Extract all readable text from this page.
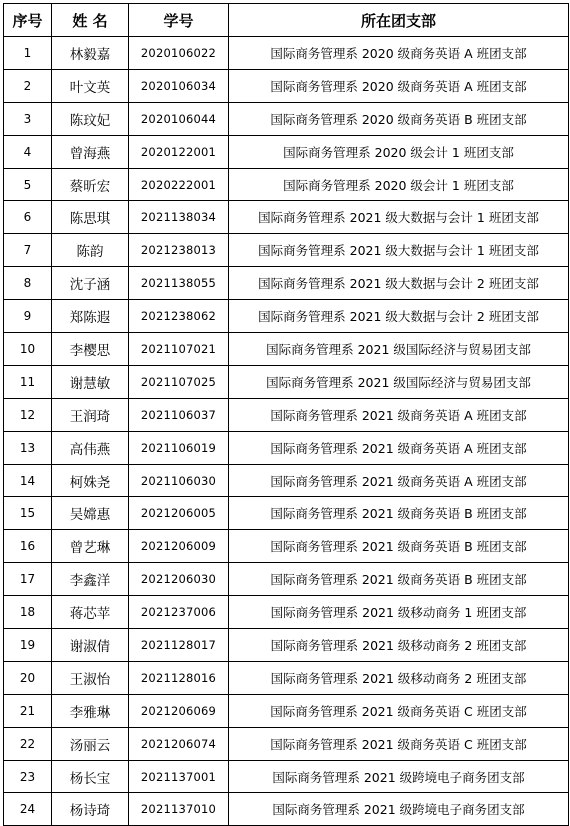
序号	姓 名	学号	所在团支部
1	林毅嘉	2020106022	国际商务管理系 2020 级商务英语 A 班团支部
2	叶文英	2020106034	国际商务管理系 2020 级商务英语 A 班团支部
3	陈玟妃	2020106044	国际商务管理系 2020 级商务英语 B 班团支部
4	曾海燕	2020122001	国际商务管理系 2020 级会计 1 班团支部
5	蔡昕宏	2020222001	国际商务管理系 2020 级会计 1 班团支部
6	陈思琪	2021138034	国际商务管理系 2021 级大数据与会计 1 班团支部
7	陈韵	2021238013	国际商务管理系 2021 级大数据与会计 1 班团支部
8	沈子涵	2021138055	国际商务管理系 2021 级大数据与会计 2 班团支部
9	郑陈遐	2021238062	国际商务管理系 2021 级大数据与会计 2 班团支部
10	李樱思	2021107021	国际商务管理系 2021 级国际经济与贸易团支部
11	谢慧敏	2021107025	国际商务管理系 2021 级国际经济与贸易团支部
12	王润琦	2021106037	国际商务管理系 2021 级商务英语 A 班团支部
13	高伟燕	2021106019	国际商务管理系 2021 级商务英语 A 班团支部
14	柯姝尧	2021106030	国际商务管理系 2021 级商务英语 A 班团支部
15	吴嫦惠	2021206005	国际商务管理系 2021 级商务英语 B 班团支部
16	曾艺琳	2021206009	国际商务管理系 2021 级商务英语 B 班团支部
17	李鑫洋	2021206030	国际商务管理系 2021 级商务英语 B 班团支部
18	蒋芯苹	2021237006	国际商务管理系 2021 级移动商务 1 班团支部
19	谢淑倩	2021128017	国际商务管理系 2021 级移动商务 2 班团支部
20	王淑怡	2021128016	国际商务管理系 2021 级移动商务 2 班团支部
21	李雅琳	2021206069	国际商务管理系 2021 级商务英语 C 班团支部
22	汤丽云	2021206074	国际商务管理系 2021 级商务英语 C 班团支部
23	杨长宝	2021137001	国际商务管理系 2021 级跨境电子商务团支部
24	杨诗琦	2021137010	国际商务管理系 2021 级跨境电子商务团支部
